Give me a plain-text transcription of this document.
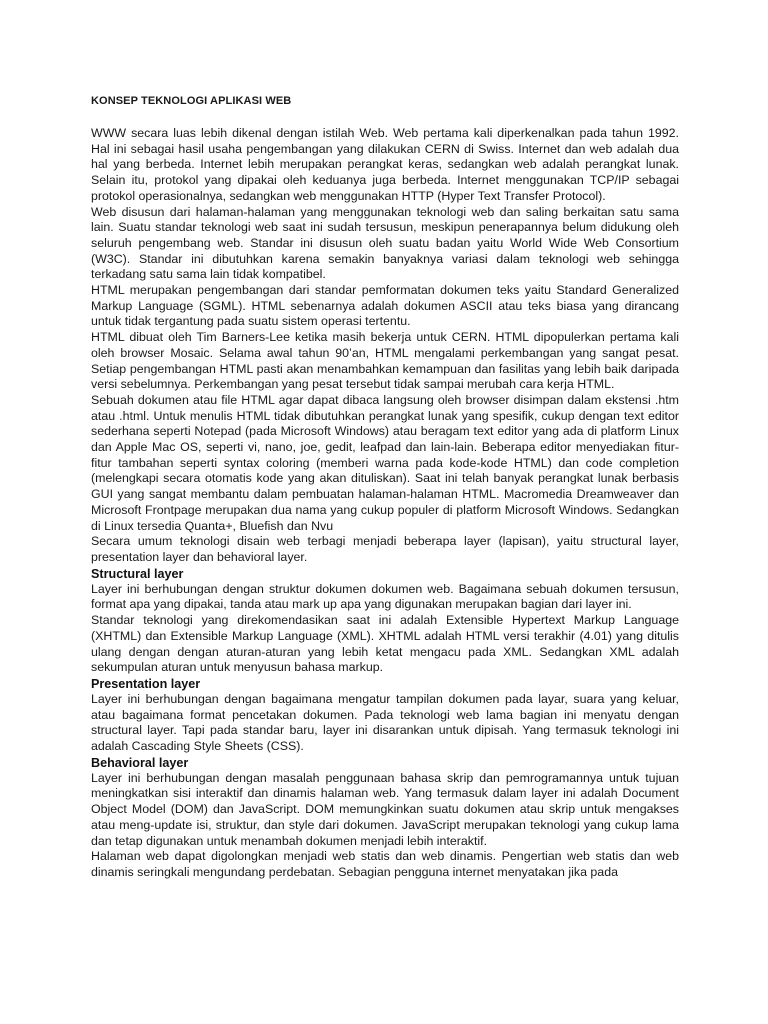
KONSEP TEKNOLOGI APLIKASI WEB

WWW secara luas lebih dikenal dengan istilah Web. Web pertama kali diperkenalkan pada tahun 1992. Hal ini sebagai hasil usaha pengembangan yang dilakukan CERN di Swiss. Internet dan web adalah dua hal yang berbeda. Internet lebih merupakan perangkat keras, sedangkan web adalah perangkat lunak. Selain itu, protokol yang dipakai oleh keduanya juga berbeda. Internet menggunakan TCP/IP sebagai protokol operasionalnya, sedangkan web menggunakan HTTP (Hyper Text Transfer Protocol).

Web disusun dari halaman-halaman yang menggunakan teknologi web dan saling berkaitan satu sama lain. Suatu standar teknologi web saat ini sudah tersusun, meskipun penerapannya belum didukung oleh seluruh pengembang web. Standar ini disusun oleh suatu badan yaitu World Wide Web Consortium (W3C). Standar ini dibutuhkan karena semakin banyaknya variasi dalam teknologi web sehingga terkadang satu sama lain tidak kompatibel.

HTML merupakan pengembangan dari standar pemformatan dokumen teks yaitu Standard Generalized Markup Language (SGML). HTML sebenarnya adalah dokumen ASCII atau teks biasa yang dirancang untuk tidak tergantung pada suatu sistem operasi tertentu.

HTML dibuat oleh Tim Barners-Lee ketika masih bekerja untuk CERN. HTML dipopulerkan pertama kali oleh browser Mosaic. Selama awal tahun 90’an, HTML mengalami perkembangan yang sangat pesat. Setiap pengembangan HTML pasti akan menambahkan kemampuan dan fasilitas yang lebih baik daripada versi sebelumnya. Perkembangan yang pesat tersebut tidak sampai merubah cara kerja HTML.

Sebuah dokumen atau file HTML agar dapat dibaca langsung oleh browser disimpan dalam ekstensi .htm atau .html. Untuk menulis HTML tidak dibutuhkan perangkat lunak yang spesifik, cukup dengan text editor sederhana seperti Notepad (pada Microsoft Windows) atau beragam text editor yang ada di platform Linux dan Apple Mac OS, seperti vi, nano, joe, gedit, leafpad dan lain-lain. Beberapa editor menyediakan fitur-fitur tambahan seperti syntax coloring (memberi warna pada kode-kode HTML) dan code completion (melengkapi secara otomatis kode yang akan dituliskan). Saat ini telah banyak perangkat lunak berbasis GUI yang sangat membantu dalam pembuatan halaman-halaman HTML. Macromedia Dreamweaver dan Microsoft Frontpage merupakan dua nama yang cukup populer di platform Microsoft Windows. Sedangkan di Linux tersedia Quanta+, Bluefish dan Nvu

Secara umum teknologi disain web terbagi menjadi beberapa layer (lapisan), yaitu structural layer, presentation layer dan behavioral layer.

Structural layer

Layer ini berhubungan dengan struktur dokumen dokumen web. Bagaimana sebuah dokumen tersusun, format apa yang dipakai, tanda atau mark up apa yang digunakan merupakan bagian dari layer ini.

Standar teknologi yang direkomendasikan saat ini adalah Extensible Hypertext Markup Language (XHTML) dan Extensible Markup Language (XML). XHTML adalah HTML versi terakhir (4.01) yang ditulis ulang dengan dengan aturan-aturan yang lebih ketat mengacu pada XML. Sedangkan XML adalah sekumpulan aturan untuk menyusun bahasa markup.

Presentation layer

Layer ini berhubungan dengan bagaimana mengatur tampilan dokumen pada layar, suara yang keluar, atau bagaimana format pencetakan dokumen. Pada teknologi web lama bagian ini menyatu dengan structural layer. Tapi pada standar baru, layer ini disarankan untuk dipisah. Yang termasuk teknologi ini adalah Cascading Style Sheets (CSS).

Behavioral layer

Layer ini berhubungan dengan masalah penggunaan bahasa skrip dan pemrogramannya untuk tujuan meningkatkan sisi interaktif dan dinamis halaman web. Yang termasuk dalam layer ini adalah Document Object Model (DOM) dan JavaScript. DOM memungkinkan suatu dokumen atau skrip untuk mengakses atau meng-update isi, struktur, dan style dari dokumen. JavaScript merupakan teknologi yang cukup lama dan tetap digunakan untuk menambah dokumen menjadi lebih interaktif.

Halaman web dapat digolongkan menjadi web statis dan web dinamis. Pengertian web statis dan web dinamis seringkali mengundang perdebatan. Sebagian pengguna internet menyatakan jika pada
